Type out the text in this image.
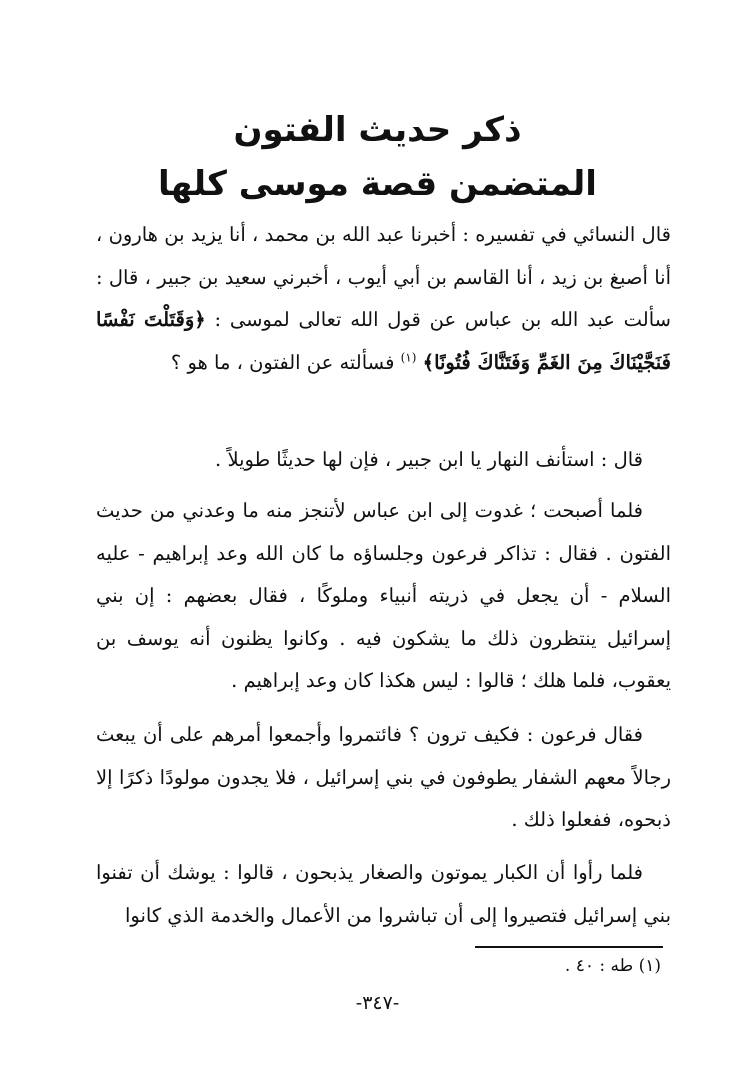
ذكر حديث الفتون
المتضمن قصة موسى كلها

قال النسائي في تفسيره : أخبرنا عبد الله بن محمد ، أنا يزيد بن هارون ، أنا أصبغ بن زيد ، أنا القاسم بن أبي أيوب ، أخبرني سعيد بن جبير ، قال : سألت عبد الله بن عباس عن قول الله تعالى لموسى : ﴿وَقَتَلْتَ نَفْسًا فَنَجَّيْنَاكَ مِنَ الغَمِّ وَفَتَنَّاكَ فُتُونًا﴾ $^{(١)}$ فسألته عن الفتون ، ما هو ؟

قال : استأنف النهار يا ابن جبير ، فإن لها حديثًا طويلاً .

فلما أصبحت ؛ غدوت إلى ابن عباس لأتنجز منه ما وعدني من حديث الفتون . فقال : تذاكر فرعون وجلساؤه ما كان الله وعد إبراهيم - عليه السلام - أن يجعل في ذريته أنبياء وملوكًا ، فقال بعضهم : إن بني إسرائيل ينتظرون ذلك ما يشكون فيه . وكانوا يظنون أنه يوسف بن يعقوب، فلما هلك ؛ قالوا : ليس هكذا كان وعد إبراهيم .

فقال فرعون : فكيف ترون ؟ فائتمروا وأجمعوا أمرهم على أن يبعث رجالاً معهم الشفار يطوفون في بني إسرائيل ، فلا يجدون مولودًا ذكرًا إلا ذبحوه، ففعلوا ذلك .

فلما رأوا أن الكبار يموتون والصغار يذبحون ، قالوا : يوشك أن تفنوا بني إسرائيل فتصيروا إلى أن تباشروا من الأعمال والخدمة الذي كانوا

(١) طه : ٤٠ .
-٣٤٧-
